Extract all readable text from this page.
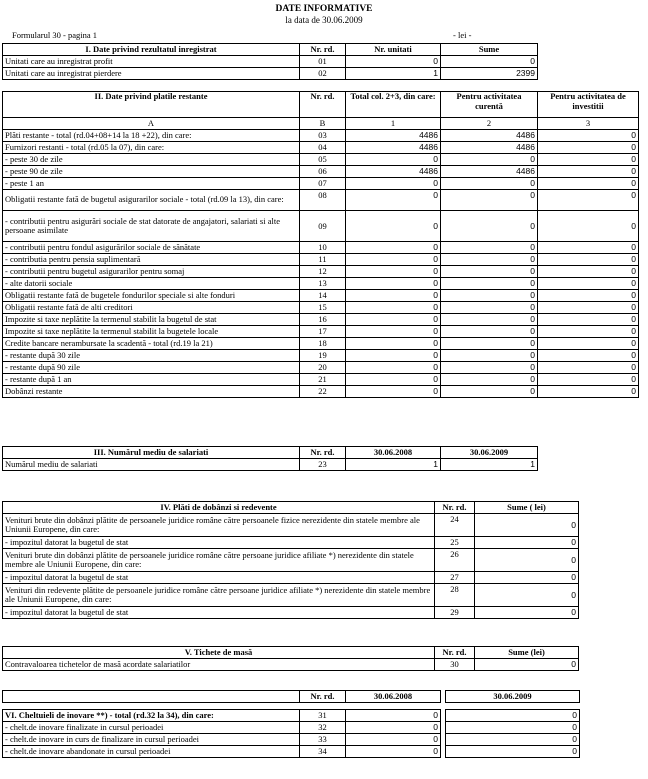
DATE INFORMATIVE
la data de 30.06.2009
Formularul 30 - pagina 1	- lei -
I. Date privind rezultatul inregistrat	Nr. rd.	Nr. unitati	Sume
Unitati care au inregistrat profit	01	0	0
Unitati care au inregistrat pierdere	02	1	2399
II. Date privind platile restante	Nr. rd.	Total col. 2+3, din care:	Pentru activitatea curentă	Pentru activitatea de investitii
A	B	1	2	3
Plăti restante - total (rd.04+08+14 la 18 +22), din care:	03	4486	4486	0
Furnizori restanti - total (rd.05 la 07), din care:	04	4486	4486	0
- peste 30 de zile	05	0	0	0
- peste 90 de zile	06	4486	4486	0
- peste 1 an	07	0	0	0
Obligatii restante fată de bugetul asigurarilor sociale - total (rd.09 la 13), din care:	08	0	0	0
- contributii pentru asigurări sociale de stat datorate de angajatori, salariati si alte persoane asimilate	09	0	0	0
- contributii pentru fondul asigurărilor sociale de sănătate	10	0	0	0
- contributia pentru pensia suplimentară	11	0	0	0
- contributii pentru bugetul asigurarilor pentru somaj	12	0	0	0
- alte datorii sociale	13	0	0	0
Obligatii restante fată de bugetele fondurilor speciale si alte fonduri	14	0	0	0
Obligatii restante fată de alti creditori	15	0	0	0
Impozite si taxe neplătite la termenul stabilit la bugetul de stat	16	0	0	0
Impozite si taxe neplătite la termenul stabilit la bugetele locale	17	0	0	0
Credite bancare nerambursate la scadentă - total (rd.19 la 21)	18	0	0	0
- restante după 30 zile	19	0	0	0
- restante după 90 zile	20	0	0	0
- restante după 1 an	21	0	0	0
Dobânzi restante	22	0	0	0
III. Numărul mediu de salariati	Nr. rd.	30.06.2008	30.06.2009
Numărul mediu de salariati	23	1	1
IV. Plăti de dobânzi si redevente	Nr. rd.	Sume ( lei)
Venituri brute din dobânzi plătite de persoanele juridice române către persoanele fizice nerezidente din statele membre ale Uniunii Europene, din care:	24	0
- impozitul datorat la bugetul de stat	25	0
Venituri brute din dobânzi plătite de persoanele juridice române către persoane juridice afiliate *) nerezidente din statele membre ale Uniunii Europene, din care:	26	0
- impozitul datorat la bugetul de stat	27	0
Venituri din redevente plătite de persoanele juridice române către persoane juridice afiliate *) nerezidente din statele membre ale Uniunii Europene, din care:	28	0
- impozitul datorat la bugetul de stat	29	0
V. Tichete de masă	Nr. rd.	Sume (lei)
Contravaloarea tichetelor de masă acordate salariatilor	30	0
	Nr. rd.	30.06.2008		30.06.2009

VI. Cheltuieli de inovare **) - total (rd.32 la 34), din care:	31	0		0
- chelt.de inovare finalizate in cursul perioadei	32	0		0
- chelt.de inovare in curs de finalizare in cursul perioadei	33	0		0
- chelt.de inovare abandonate in cursul perioadei	34	0		0
